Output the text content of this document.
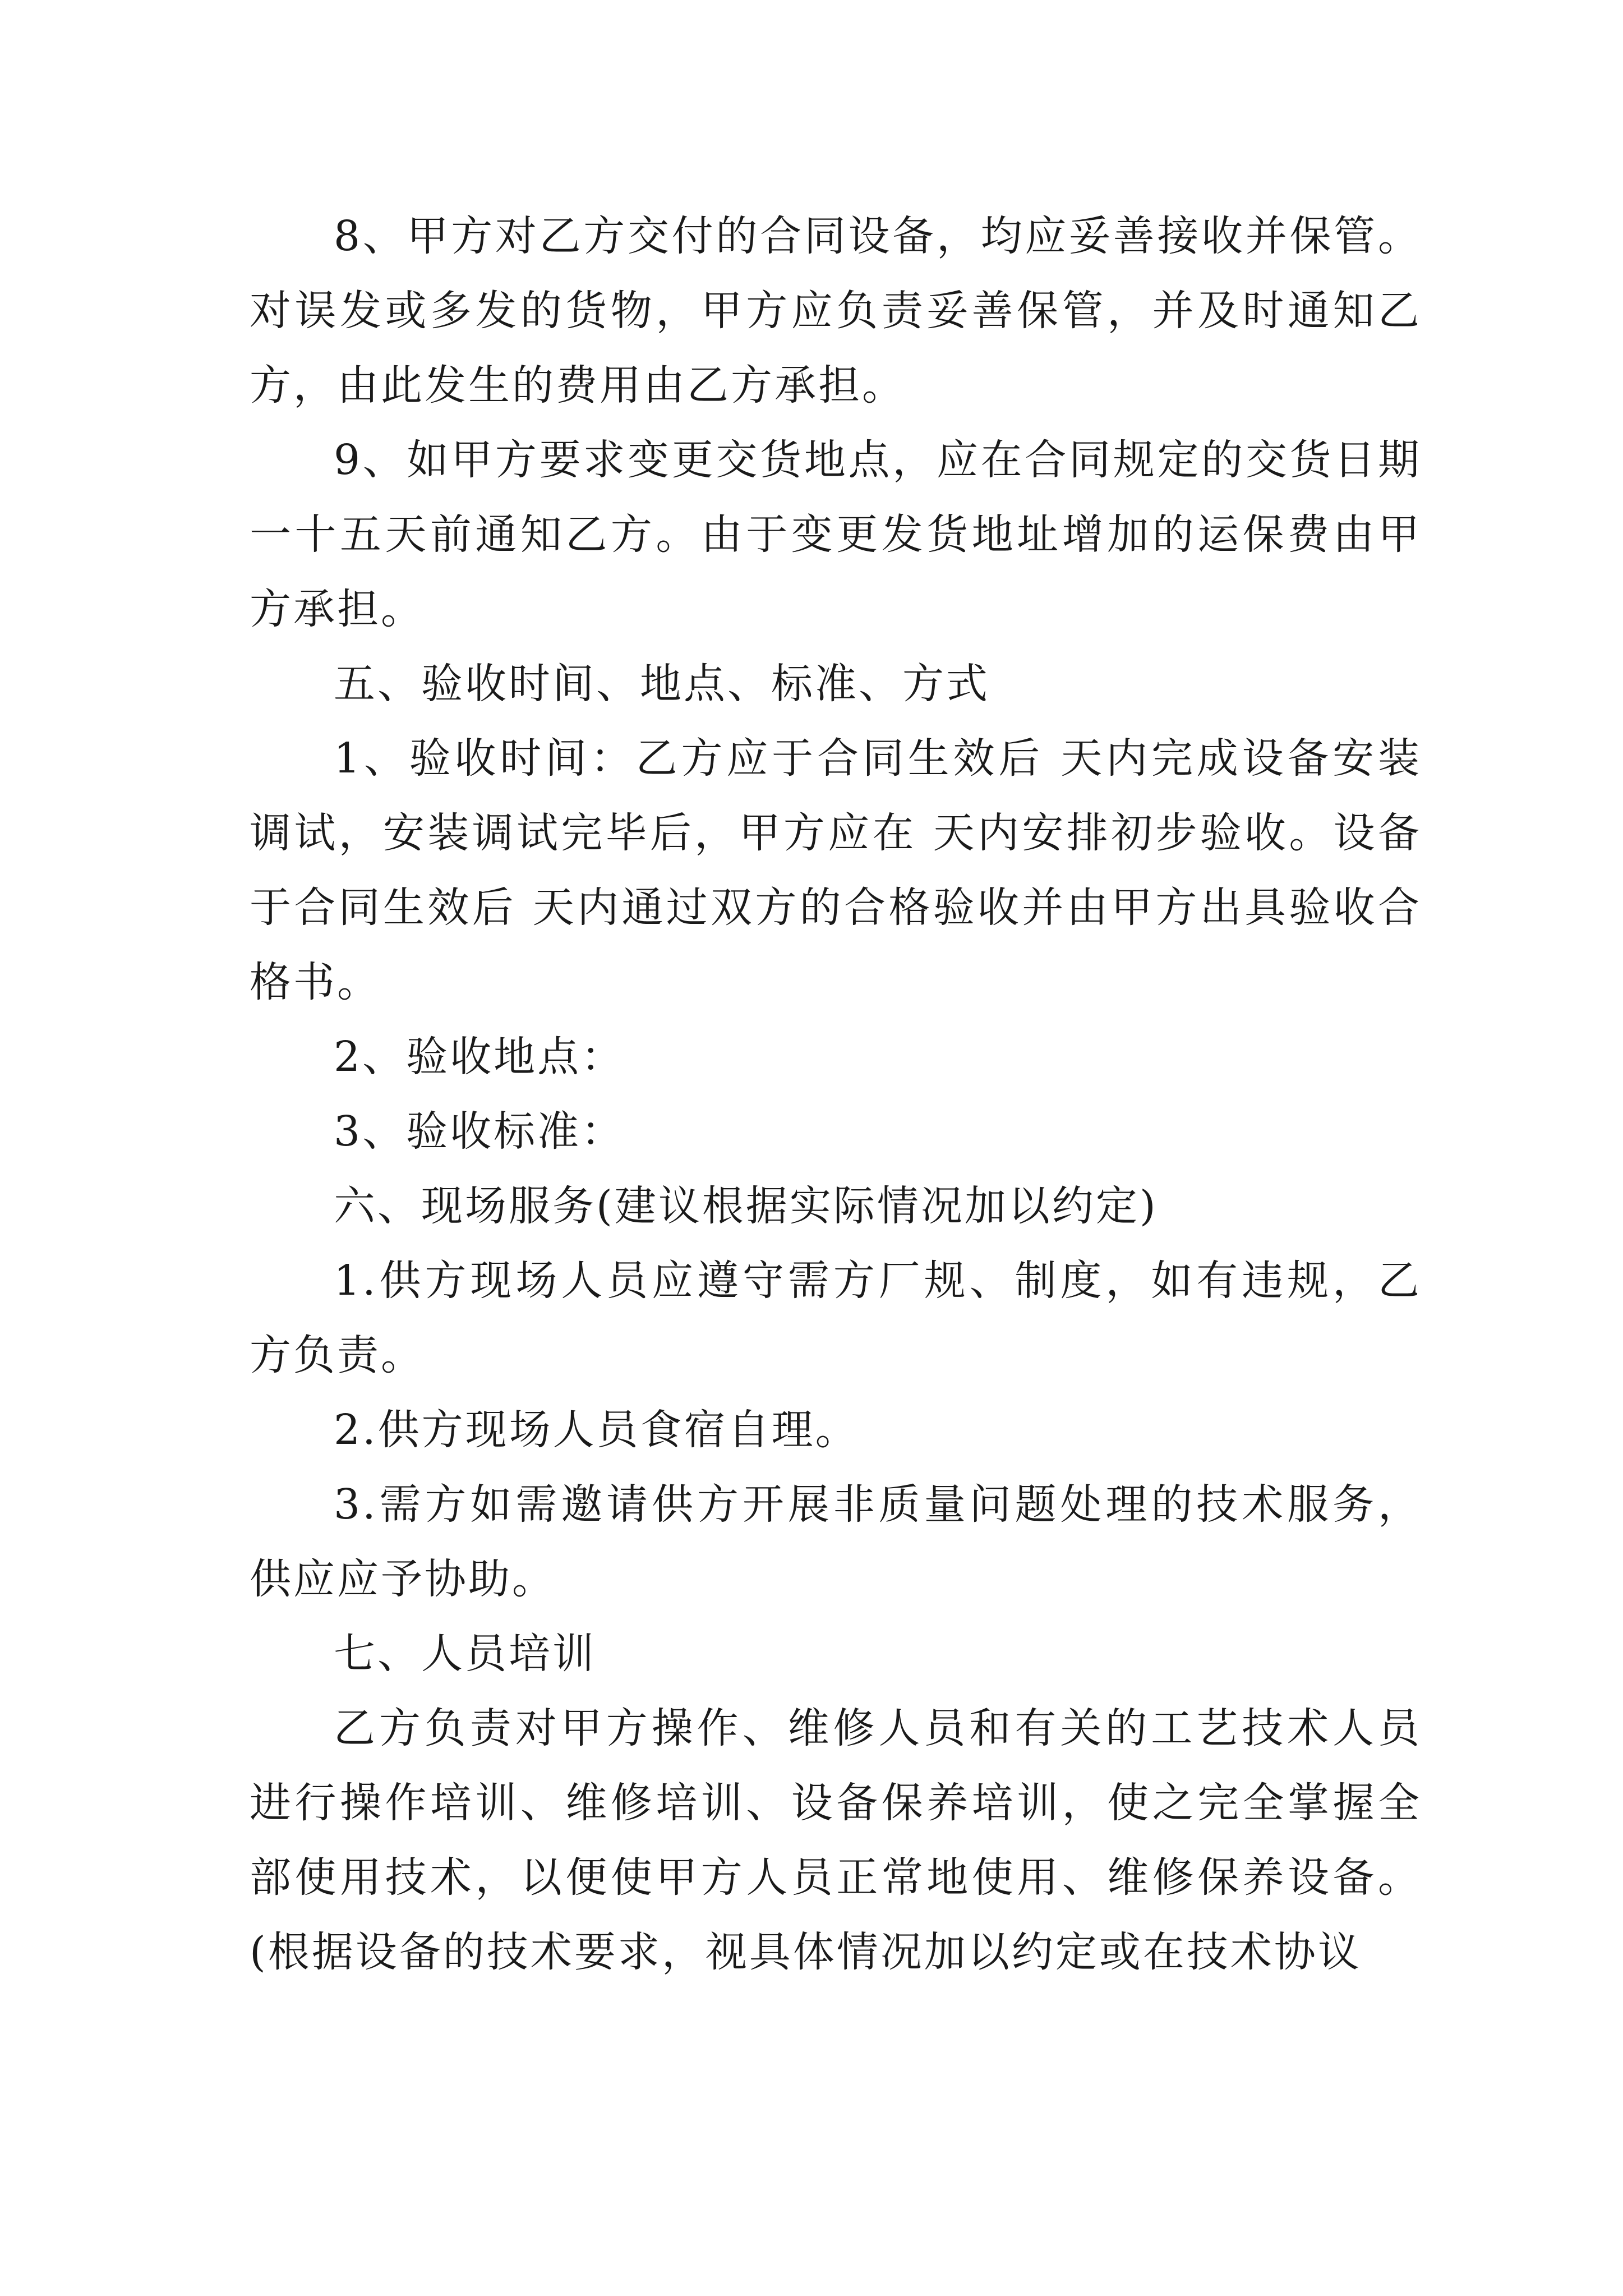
8、甲方对乙方交付的合同设备，均应妥善接收并保管。对误发或多发的货物，甲方应负责妥善保管，并及时通知乙方，由此发生的费用由乙方承担。

9、如甲方要求变更交货地点，应在合同规定的交货日期一十五天前通知乙方。由于变更发货地址增加的运保费由甲方承担。

五、验收时间、地点、标准、方式

1、验收时间：乙方应于合同生效后 天内完成设备安装调试，安装调试完毕后，甲方应在 天内安排初步验收。设备于合同生效后 天内通过双方的合格验收并由甲方出具验收合格书。

2、验收地点：

3、验收标准：

六、现场服务(建议根据实际情况加以约定)

1.供方现场人员应遵守需方厂规、制度，如有违规，乙方负责。

2.供方现场人员食宿自理。

3.需方如需邀请供方开展非质量问题处理的技术服务，供应应予协助。

七、人员培训

乙方负责对甲方操作、维修人员和有关的工艺技术人员进行操作培训、维修培训、设备保养培训，使之完全掌握全部使用技术，以便使甲方人员正常地使用、维修保养设备。(根据设备的技术要求，视具体情况加以约定或在技术协议
